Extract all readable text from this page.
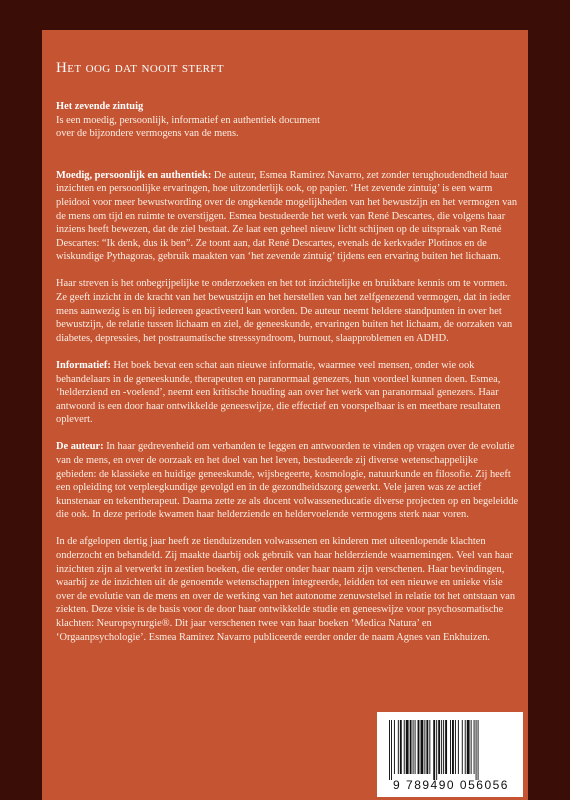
Het oog dat nooit sterft

Het zevende zintuig
Is een moedig, persoonlijk, informatief en authentiek document
over de bijzondere vermogens van de mens.

Moedig, persoonlijk en authentiek: De auteur, Esmea Ramirez Navarro, zet zonder terughoudendheid haar inzichten en persoonlijke ervaringen, hoe uitzonderlijk ook, op papier. ‘Het zevende zintuig’ is een warm pleidooi voor meer bewustwording over de ongekende mogelijkheden van het bewustzijn en het vermogen van de mens om tijd en ruimte te overstijgen. Esmea bestudeerde het werk van René Descartes, die volgens haar inziens heeft bewezen, dat de ziel bestaat. Ze laat een geheel nieuw licht schijnen op de uitspraak van René Descartes: “Ik denk, dus ik ben”. Ze toont aan, dat René Descartes, evenals de kerkvader Plotinos en de wiskundige Pythagoras, gebruik maakten van ‘het zevende zintuig’ tijdens een ervaring buiten het lichaam.

Haar streven is het onbegrijpelijke te onderzoeken en het tot inzichtelijke en bruikbare kennis om te vormen. Ze geeft inzicht in de kracht van het bewustzijn en het herstellen van het zelfgenezend vermogen, dat in ieder mens aanwezig is en bij iedereen geactiveerd kan worden. De auteur neemt heldere standpunten in over het bewustzijn, de relatie tussen lichaam en ziel, de geneeskunde, ervaringen buiten het lichaam, de oorzaken van diabetes, depressies, het postraumatische stresssyndroom, burnout, slaapproblemen en ADHD.

Informatief: Het boek bevat een schat aan nieuwe informatie, waarmee veel mensen, onder wie ook behandelaars in de geneeskunde, therapeuten en paranormaal genezers, hun voordeel kunnen doen. Esmea, ‘helderziend en -voelend’, neemt een kritische houding aan over het werk van paranormaal genezers. Haar antwoord is een door haar ontwikkelde geneeswijze, die effectief en voorspelbaar is en meetbare resultaten oplevert.

De auteur: In haar gedrevenheid om verbanden te leggen en antwoorden te vinden op vragen over de evolutie van de mens, en over de oorzaak en het doel van het leven, bestudeerde zij diverse wetenschappelijke gebieden: de klassieke en huidige geneeskunde, wijsbegeerte, kosmologie, natuurkunde en filosofie. Zij heeft een opleiding tot verpleegkundige gevolgd en in de gezondheidszorg gewerkt. Vele jaren was ze actief kunstenaar en tekentherapeut. Daarna zette ze als docent volwasseneducatie diverse projecten op en begeleidde die ook. In deze periode kwamen haar helderziende en heldervoelende vermogens sterk naar voren.

In de afgelopen dertig jaar heeft ze tienduizenden volwassenen en kinderen met uiteenlopende klachten onderzocht en behandeld. Zij maakte daarbij ook gebruik van haar helderziende waarnemingen. Veel van haar inzichten zijn al verwerkt in zestien boeken, die eerder onder haar naam zijn verschenen. Haar bevindingen, waarbij ze de inzichten uit de genoemde wetenschappen integreerde, leidden tot een nieuwe en unieke visie over de evolutie van de mens en over de werking van het autonome zenuwstelsel in relatie tot het ontstaan van ziekten. Deze visie is de basis voor de door haar ontwikkelde studie en geneeswijze voor psychosomatische klachten: Neuropsyrurgie®. Dit jaar verschenen twee van haar boeken ‘Medica Natura’ en ‘Orgaanpsychologie’. Esmea Ramirez Navarro publiceerde eerder onder de naam Agnes van Enkhuizen.

9 789490 056056
